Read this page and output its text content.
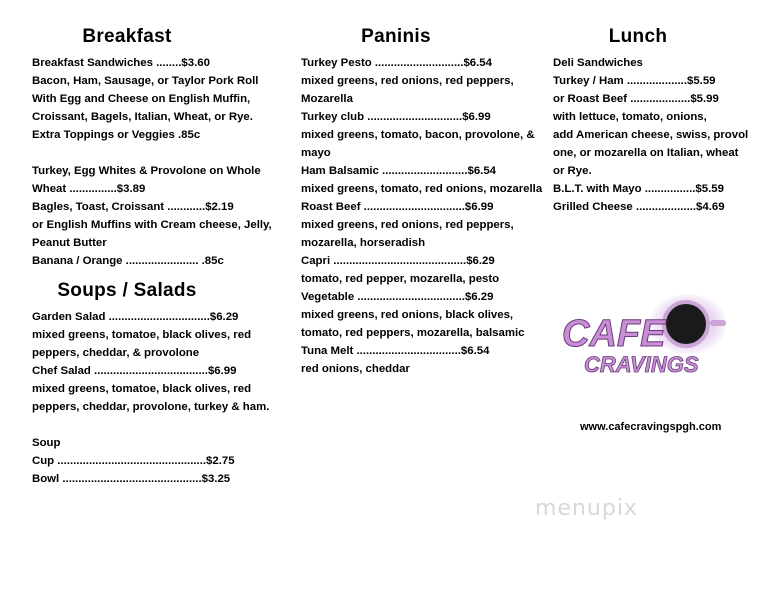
Breakfast
Breakfast Sandwiches ........$3.60
Bacon, Ham, Sausage, or Taylor Pork Roll
With Egg and Cheese on English Muffin,
Croissant, Bagels, Italian, Wheat, or Rye.
Extra Toppings or Veggies .85c
Turkey, Egg Whites & Provolone on Whole
Wheat ...............$3.89
Bagles, Toast, Croissant ............$2.19
or English Muffins with Cream cheese, Jelly,
Peanut Butter
Banana / Orange ....................... .85c
Soups / Salads
Garden Salad ................................$6.29
mixed greens, tomatoe, black olives, red
peppers, cheddar, & provolone
Chef Salad ....................................$6.99
mixed greens, tomatoe, black olives, red
peppers, cheddar, provolone, turkey & ham.
Soup
Cup ...............................................$2.75
Bowl ............................................$3.25
Paninis
Turkey Pesto ............................$6.54
mixed greens, red onions, red peppers,
Mozarella
Turkey club ..............................$6.99
mixed greens, tomato, bacon, provolone, &
mayo
Ham Balsamic ...........................$6.54
mixed greens, tomato, red onions, mozarella
Roast Beef ................................$6.99
mixed greens, red onions, red peppers,
mozarella, horseradish
Capri ..........................................$6.29
tomato, red pepper, mozarella, pesto
Vegetable ..................................$6.29
mixed greens, red onions, black olives,
tomato, red peppers, mozarella, balsamic
Tuna Melt .................................$6.54
red onions, cheddar
Lunch
Deli Sandwiches
Turkey / Ham ...................$5.59
or Roast Beef ...................$5.99
with lettuce, tomato, onions,
add American cheese, swiss, provol
one, or mozarella on Italian, wheat
or Rye.
B.L.T. with Mayo ................$5.59
Grilled Cheese ...................$4.69
CAFE
CRAVINGS
www.cafecravingspgh.com
menupix
